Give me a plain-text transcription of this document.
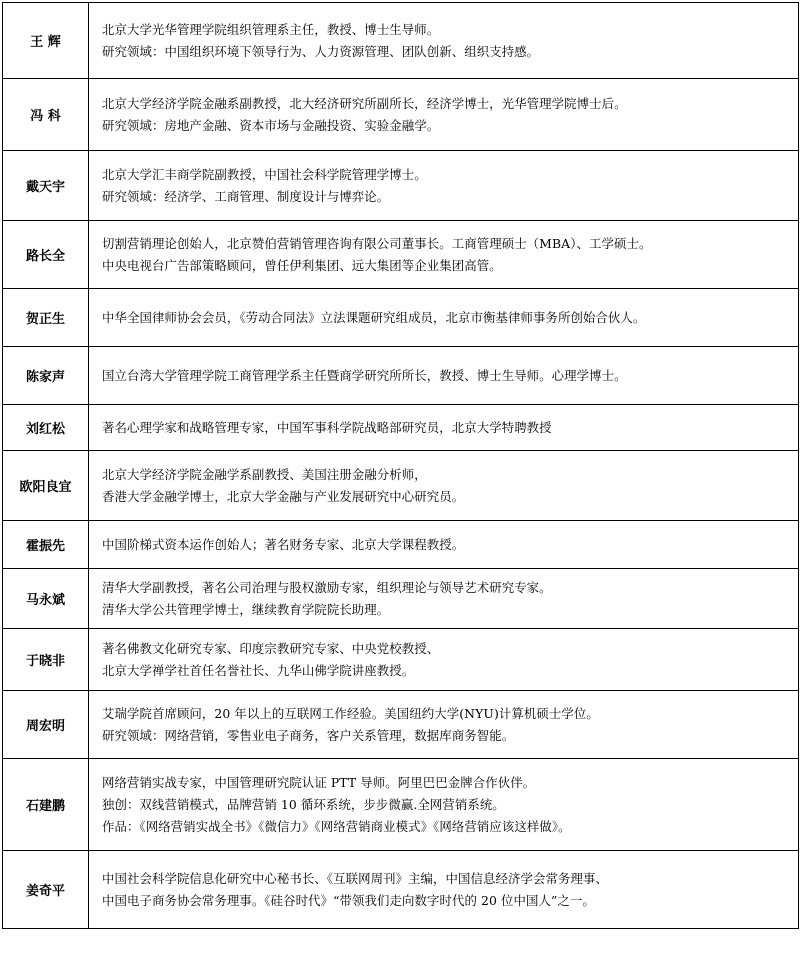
王 辉	北京大学光华管理学院组织管理系主任，教授、博士生导师。
研究领域：中国组织环境下领导行为、人力资源管理、团队创新、组织支持感。

冯 科	北京大学经济学院金融系副教授，北大经济研究所副所长，经济学博士，光华管理学院博士后。
研究领域：房地产金融、资本市场与金融投资、实验金融学。

戴天宇	北京大学汇丰商学院副教授，中国社会科学院管理学博士。
研究领域：经济学、工商管理、制度设计与博弈论。

路长全	切割营销理论创始人，北京赞伯营销管理咨询有限公司董事长。工商管理硕士（MBA）、工学硕士。
中央电视台广告部策略顾问，曾任伊利集团、远大集团等企业集团高管。

贺正生	中华全国律师协会会员，《劳动合同法》立法课题研究组成员，北京市衡基律师事务所创始合伙人。

陈家声	国立台湾大学管理学院工商管理学系主任暨商学研究所所长，教授、博士生导师。心理学博士。

刘红松	著名心理学家和战略管理专家，中国军事科学院战略部研究员，北京大学特聘教授

欧阳良宜	北京大学经济学院金融学系副教授、美国注册金融分析师，
香港大学金融学博士，北京大学金融与产业发展研究中心研究员。

霍振先	中国阶梯式资本运作创始人；著名财务专家、北京大学课程教授。

马永斌	清华大学副教授，著名公司治理与股权激励专家，组织理论与领导艺术研究专家。
清华大学公共管理学博士，继续教育学院院长助理。

于晓非	著名佛教文化研究专家、印度宗教研究专家、中央党校教授、
北京大学禅学社首任名誉社长、九华山佛学院讲座教授。

周宏明	艾瑞学院首席顾问，20 年以上的互联网工作经验。美国纽约大学(NYU)计算机硕士学位。
研究领域：网络营销，零售业电子商务，客户关系管理，数据库商务智能。

石建鹏	网络营销实战专家，中国管理研究院认证 PTT 导师。阿里巴巴金牌合作伙伴。
独创：双线营销模式，品牌营销 10 循环系统，步步微赢.全网营销系统。
作品：《网络营销实战全书》《微信力》《网络营销商业模式》《网络营销应该这样做》。

姜奇平	中国社会科学院信息化研究中心秘书长、《互联网周刊》主编，中国信息经济学会常务理事、
中国电子商务协会常务理事。《硅谷时代》“带领我们走向数字时代的 20 位中国人”之一。
